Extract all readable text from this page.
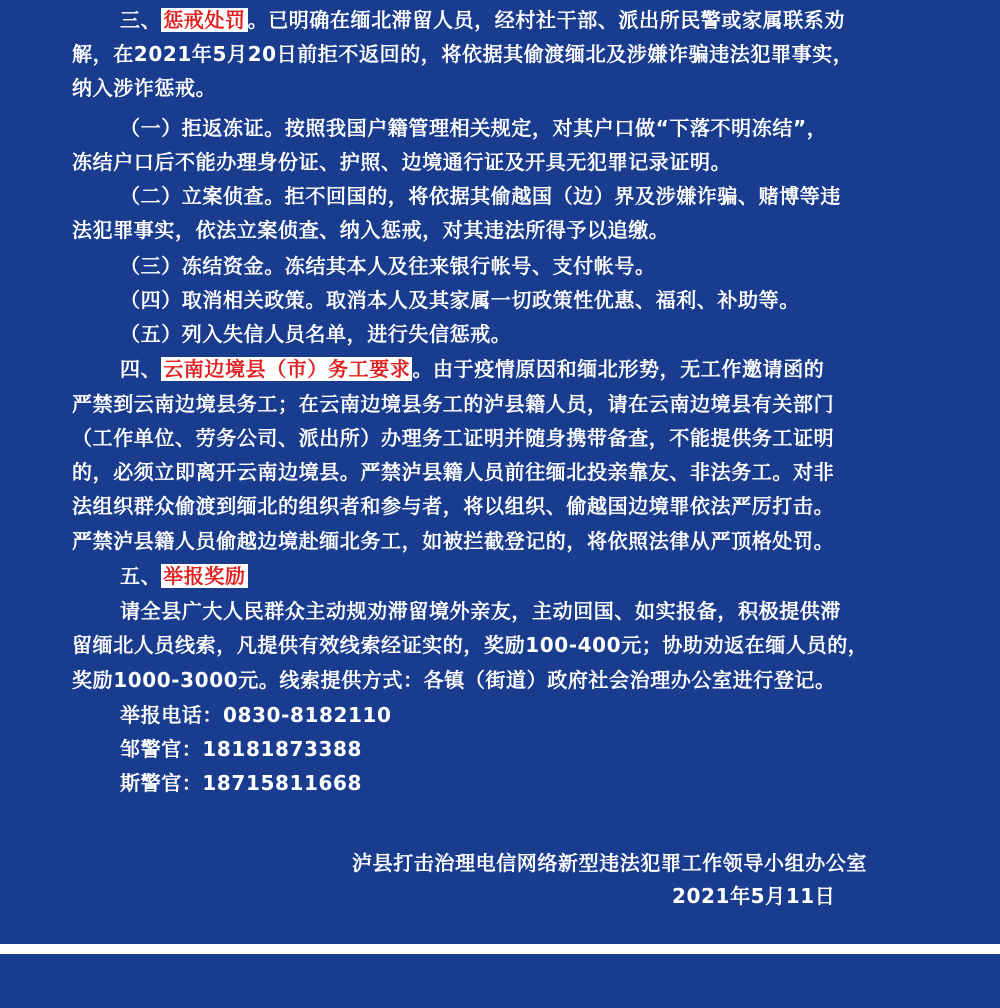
三、 惩戒处罚 。已明确在缅北滞留人员，经村社干部、派出所民警或家属联系劝
解，在2021年5月20日前拒不返回的，将依据其偷渡缅北及涉嫌诈骗违法犯罪事实，
纳入涉诈惩戒。
（一）拒返冻证。按照我国户籍管理相关规定，对其户口做“下落不明冻结”，
冻结户口后不能办理身份证、护照、边境通行证及开具无犯罪记录证明。
（二）立案侦查。拒不回国的，将依据其偷越国（边）界及涉嫌诈骗、赌博等违
法犯罪事实，依法立案侦查、纳入惩戒，对其违法所得予以追缴。
（三）冻结资金。冻结其本人及往来银行帐号、支付帐号。
（四）取消相关政策。取消本人及其家属一切政策性优惠、福利、补助等。
（五）列入失信人员名单，进行失信惩戒。
四、 云南边境县（市）务工要求 。由于疫情原因和缅北形势，无工作邀请函的
严禁到云南边境县务工；在云南边境县务工的泸县籍人员，请在云南边境县有关部门
（工作单位、劳务公司、派出所）办理务工证明并随身携带备查，不能提供务工证明
的，必须立即离开云南边境县。严禁泸县籍人员前往缅北投亲靠友、非法务工。对非
法组织群众偷渡到缅北的组织者和参与者，将以组织、偷越国边境罪依法严厉打击。
严禁泸县籍人员偷越边境赴缅北务工，如被拦截登记的，将依照法律从严顶格处罚。
五、 举报奖励
请全县广大人民群众主动规劝滞留境外亲友，主动回国、如实报备，积极提供滞
留缅北人员线索，凡提供有效线索经证实的，奖励100-400元；协助劝返在缅人员的，
奖励1000-3000元。线索提供方式：各镇（街道）政府社会治理办公室进行登记。
举报电话：0830-8182110
邹警官：18181873388
斯警官：18715811668
泸县打击治理电信网络新型违法犯罪工作领导小组办公室
2021年5月11日
